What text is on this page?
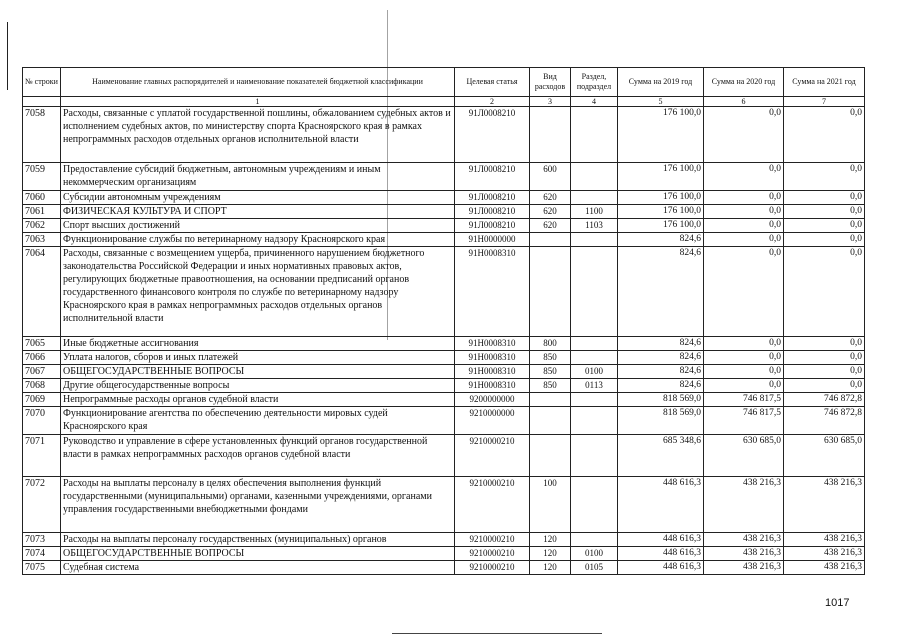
№ строки	Наименование главных распорядителей и наименование показателей бюджетной классификации	Целевая статья	Вид расходов	Раздел, подраздел	Сумма на 2019 год	Сумма на 2020 год	Сумма на 2021 год
	1	2	3	4	5	6	7
7058	Расходы, связанные с уплатой государственной пошлины, обжалованием судебных актов и исполнением судебных актов, по министерству спорта Красноярского края в рамках непрограммных расходов отдельных органов исполнительной власти	91Л0008210			176 100,0	0,0	0,0
7059	Предоставление субсидий бюджетным, автономным учреждениям и иным некоммерческим организациям	91Л0008210	600		176 100,0	0,0	0,0
7060	Субсидии автономным учреждениям	91Л0008210	620		176 100,0	0,0	0,0
7061	ФИЗИЧЕСКАЯ КУЛЬТУРА И СПОРТ	91Л0008210	620	1100	176 100,0	0,0	0,0
7062	Спорт высших достижений	91Л0008210	620	1103	176 100,0	0,0	0,0
7063	Функционирование службы по ветеринарному надзору Красноярского края	91Н0000000			824,6	0,0	0,0
7064	Расходы, связанные с возмещением ущерба, причиненного нарушением бюджетного законодательства Российской Федерации и иных нормативных правовых актов, регулирующих бюджетные правоотношения, на основании предписаний органов государственного финансового контроля по службе по ветеринарному надзору Красноярского края в рамках непрограммных расходов отдельных органов исполнительной власти	91Н0008310			824,6	0,0	0,0
7065	Иные бюджетные ассигнования	91Н0008310	800		824,6	0,0	0,0
7066	Уплата налогов, сборов и иных платежей	91Н0008310	850		824,6	0,0	0,0
7067	ОБЩЕГОСУДАРСТВЕННЫЕ ВОПРОСЫ	91Н0008310	850	0100	824,6	0,0	0,0
7068	Другие общегосударственные вопросы	91Н0008310	850	0113	824,6	0,0	0,0
7069	Непрограммные расходы органов судебной власти	9200000000			818 569,0	746 817,5	746 872,8
7070	Функционирование агентства по обеспечению деятельности мировых судей Красноярского края	9210000000			818 569,0	746 817,5	746 872,8
7071	Руководство и управление в сфере установленных функций органов государственной власти в рамках непрограммных расходов органов судебной власти	9210000210			685 348,6	630 685,0	630 685,0
7072	Расходы на выплаты персоналу в целях обеспечения выполнения функций государственными (муниципальными) органами, казенными учреждениями, органами управления государственными внебюджетными фондами	9210000210	100		448 616,3	438 216,3	438 216,3
7073	Расходы на выплаты персоналу государственных (муниципальных) органов	9210000210	120		448 616,3	438 216,3	438 216,3
7074	ОБЩЕГОСУДАРСТВЕННЫЕ ВОПРОСЫ	9210000210	120	0100	448 616,3	438 216,3	438 216,3
7075	Судебная система	9210000210	120	0105	448 616,3	438 216,3	438 216,3
1017
